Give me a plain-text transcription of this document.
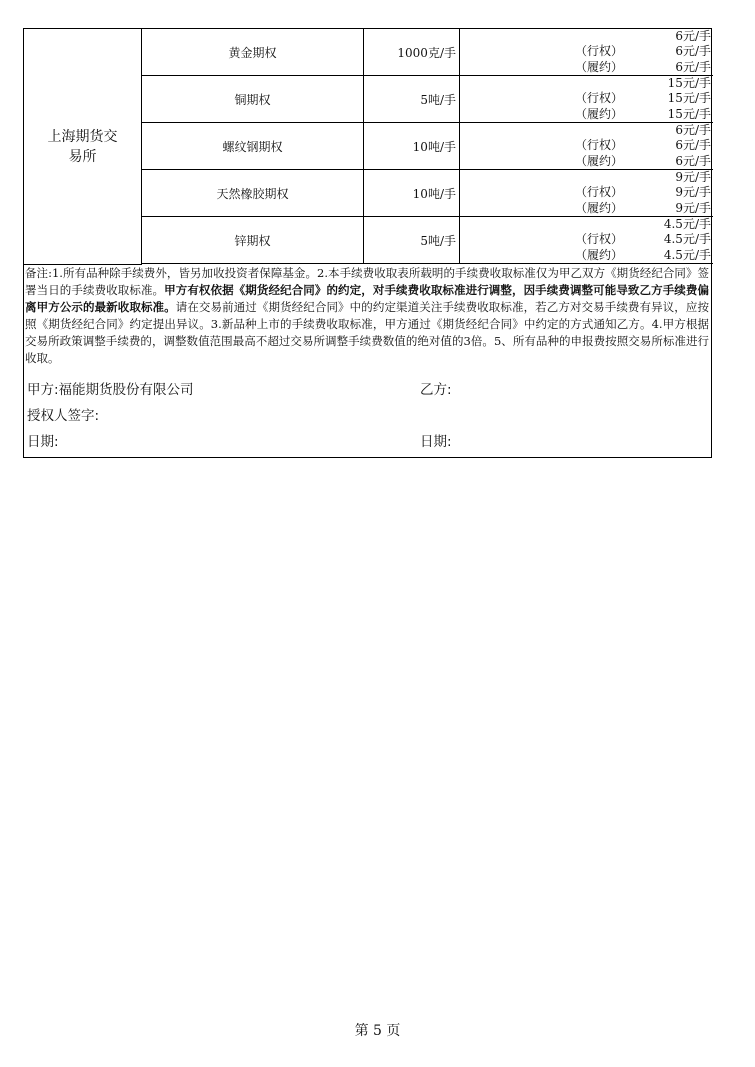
上海期货交易所
黄金期权	1000克/手
6元/手
（行权）	6元/手
（履约）	6元/手
铜期权	5吨/手
15元/手
（行权）	15元/手
（履约）	15元/手
螺纹钢期权	10吨/手
6元/手
（行权）	6元/手
（履约）	6元/手
天然橡胶期权	10吨/手
9元/手
（行权）	9元/手
（履约）	9元/手
锌期权	5吨/手
4.5元/手
（行权）	4.5元/手
（履约）	4.5元/手
备注:1.所有品种除手续费外，皆另加收投资者保障基金。2.本手续费收取表所载明的手续费收取标准仅为甲乙双方《期货经纪合同》签署当日的手续费收取标准。甲方有权依据《期货经纪合同》的约定，对手续费收取标准进行调整，因手续费调整可能导致乙方手续费偏离甲方公示的最新收取标准。请在交易前通过《期货经纪合同》中的约定渠道关注手续费收取标准，若乙方对交易手续费有异议，应按照《期货经纪合同》约定提出异议。3.新品种上市的手续费收取标准，甲方通过《期货经纪合同》中约定的方式通知乙方。4.甲方根据交易所政策调整手续费的，调整数值范围最高不超过交易所调整手续费数值的绝对值的3倍。5、所有品种的申报费按照交易所标准进行收取。
甲方:福能期货股份有限公司	乙方:
授权人签字:
日期:	日期:
第 5 页
